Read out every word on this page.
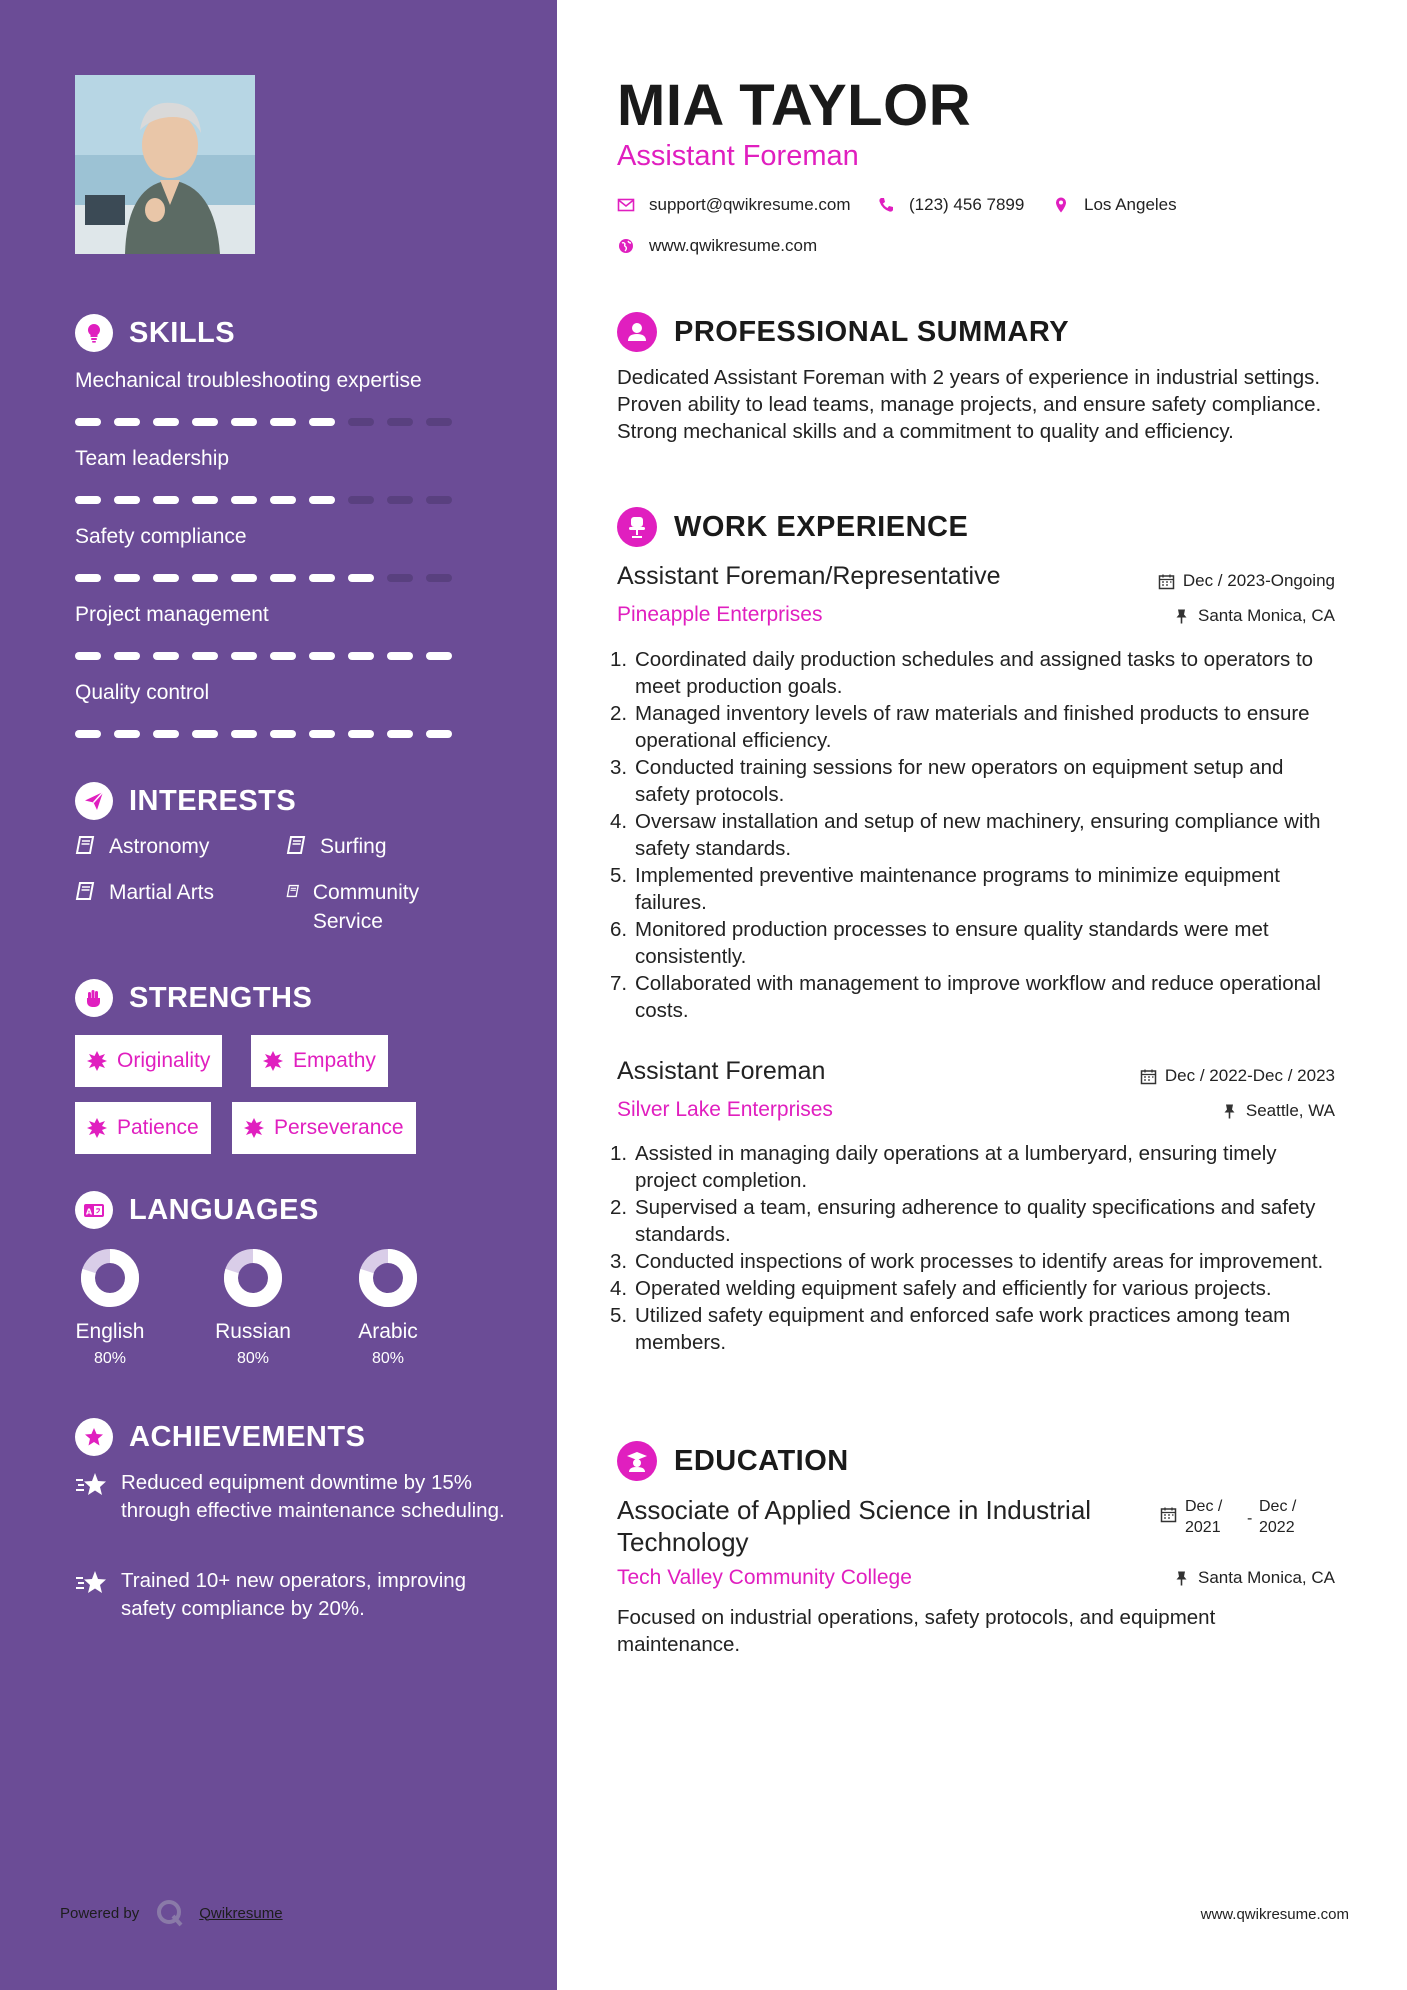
SKILLS
Mechanical troubleshooting expertise
Team leadership
Safety compliance
Project management
Quality control
INTERESTS
Astronomy	Surfing
Martial Arts	Community Service
STRENGTHS
Originality	Empathy
Patience	Perseverance
A LANGUAGES
English
80%
Russian
80%
Arabic
80%
ACHIEVEMENTS
Reduced equipment downtime by 15% through effective maintenance scheduling.
Trained 10+ new operators, improving safety compliance by 20%.
Powered by	Qwikresume
MIA TAYLOR
Assistant Foreman
support@qwikresume.com	(123) 456 7899	Los Angeles
www.qwikresume.com
PROFESSIONAL SUMMARY
Dedicated Assistant Foreman with 2 years of experience in industrial settings. Proven ability to lead teams, manage projects, and ensure safety compliance. Strong mechanical skills and a commitment to quality and efficiency.
WORK EXPERIENCE
Assistant Foreman/Representative	Dec / 2023-Ongoing
Pineapple Enterprises	Santa Monica, CA
1. Coordinated daily production schedules and assigned tasks to operators to meet production goals.
2. Managed inventory levels of raw materials and finished products to ensure operational efficiency.
3. Conducted training sessions for new operators on equipment setup and safety protocols.
4. Oversaw installation and setup of new machinery, ensuring compliance with safety standards.
5. Implemented preventive maintenance programs to minimize equipment failures.
6. Monitored production processes to ensure quality standards were met consistently.
7. Collaborated with management to improve workflow and reduce operational costs.
Assistant Foreman	Dec / 2022-Dec / 2023
Silver Lake Enterprises	Seattle, WA
1. Assisted in managing daily operations at a lumberyard, ensuring timely project completion.
2. Supervised a team, ensuring adherence to quality specifications and safety standards.
3. Conducted inspections of work processes to identify areas for improvement.
4. Operated welding equipment safely and efficiently for various projects.
5. Utilized safety equipment and enforced safe work practices among team members.
EDUCATION
Associate of Applied Science in Industrial Technology
Dec /
2021
-
Dec /
2022
Tech Valley Community College	Santa Monica, CA
Focused on industrial operations, safety protocols, and equipment maintenance.
www.qwikresume.com
